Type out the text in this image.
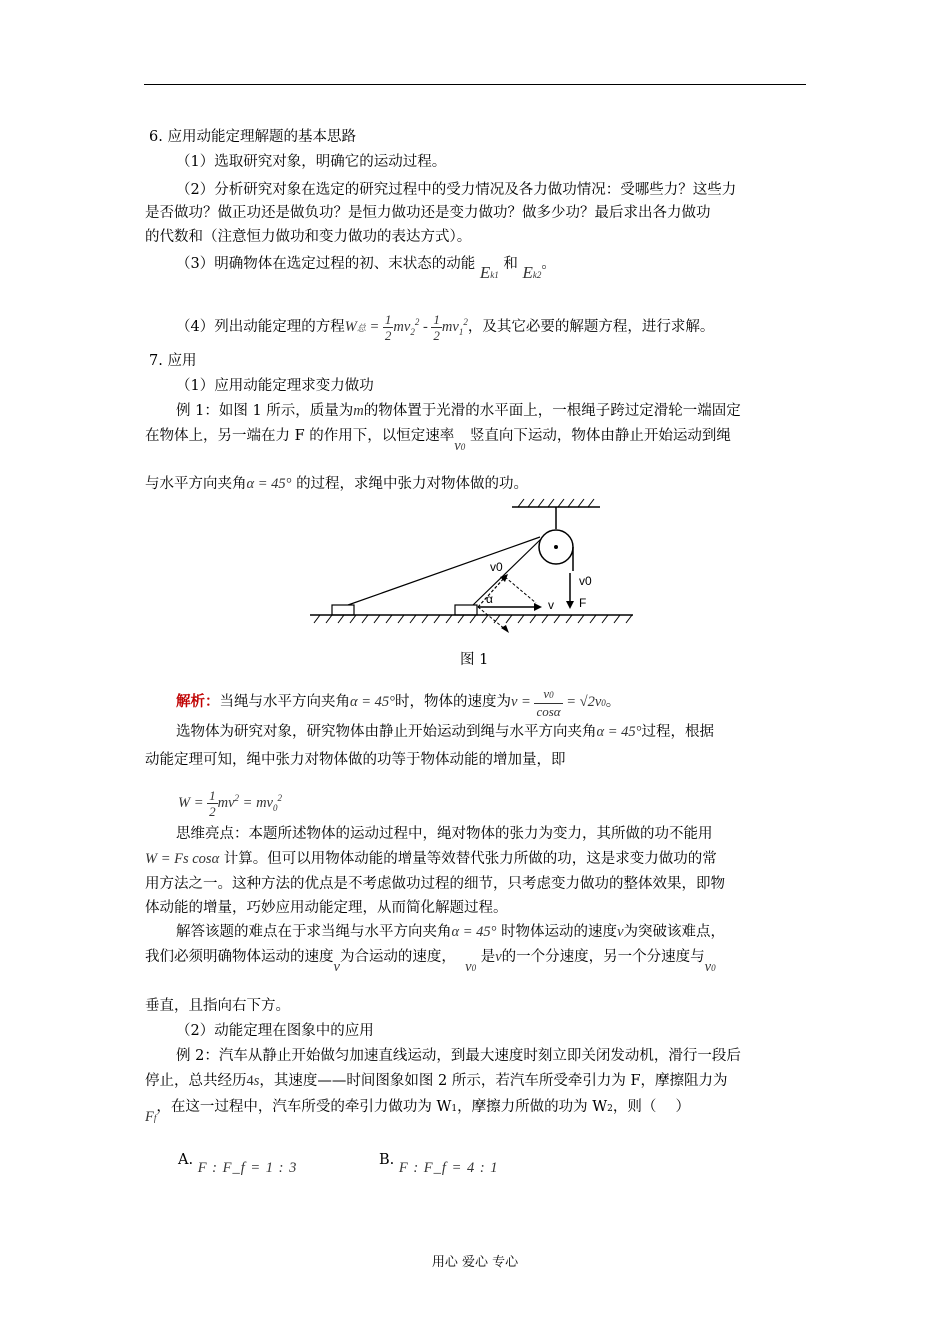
6. 应用动能定理解题的基本思路
（1）选取研究对象，明确它的运动过程。
（2）分析研究对象在选定的研究过程中的受力情况及各力做功情况：受哪些力？这些力
是否做功？做正功还是做负功？是恒力做功还是变力做功？做多少功？最后求出各力做功
的代数和（注意恒力做功和变力做功的表达方式）。
（3）明确物体在选定过程的初、末状态的动能 Ek1 和 Ek2。
（4）列出动能定理的方程W总 = $\frac{1}{2} mv_2^2 - \frac{1}{2} mv_1^2$，及其它必要的解题方程，进行求解。
7. 应用
（1）应用动能定理求变力做功
例 1：如图 1 所示，质量为m的物体置于光滑的水平面上，一根绳子跨过定滑轮一端固定
在物体上，另一端在力 F 的作用下，以恒定速率v0 竖直向下运动，物体由静止开始运动到绳
与水平方向夹角α = 45° 的过程，求绳中张力对物体做的功。
v0
F
v0
α	v
图 1
解析：当绳与水平方向夹角α = 45°时，物体的速度为$v = \frac{v0}{\cos\alpha} = √2v0$。
选物体为研究对象，研究物体由静止开始运动到绳与水平方向夹角α = 45°过程，根据
动能定理可知，绳中张力对物体做的功等于物体动能的增加量，即
$W = \frac{1}{2} mv^2 = mv_0^2$
思维亮点：本题所述物体的运动过程中，绳对物体的张力为变力，其所做的功不能用
W = Fs cosα 计算。但可以用物体动能的增量等效替代张力所做的功，这是求变力做功的常
用方法之一。这种方法的优点是不考虑做功过程的细节，只考虑变力做功的整体效果，即物
体动能的增量，巧妙应用动能定理，从而简化解题过程。
解答该题的难点在于求当绳与水平方向夹角α = 45° 时物体运动的速度v为突破该难点，
我们必须明确物体运动的速度v为合运动的速度，  v0 是v的一个分速度，另一个分速度与v0
垂直，且指向右下方。
（2）动能定理在图象中的应用
例 2：汽车从静止开始做匀加速直线运动，到最大速度时刻立即关闭发动机，滑行一段后
停止，总共经历4s，其速度——时间图象如图 2 所示，若汽车所受牵引力为 F，摩擦阻力为
Ff，在这一过程中，汽车所受的牵引力做功为 W1，摩擦力所做的功为 W2，则（　 ）
A. F : F_f = 1 : 3	B. F : F_f = 4 : 1
用心 爱心 专心
